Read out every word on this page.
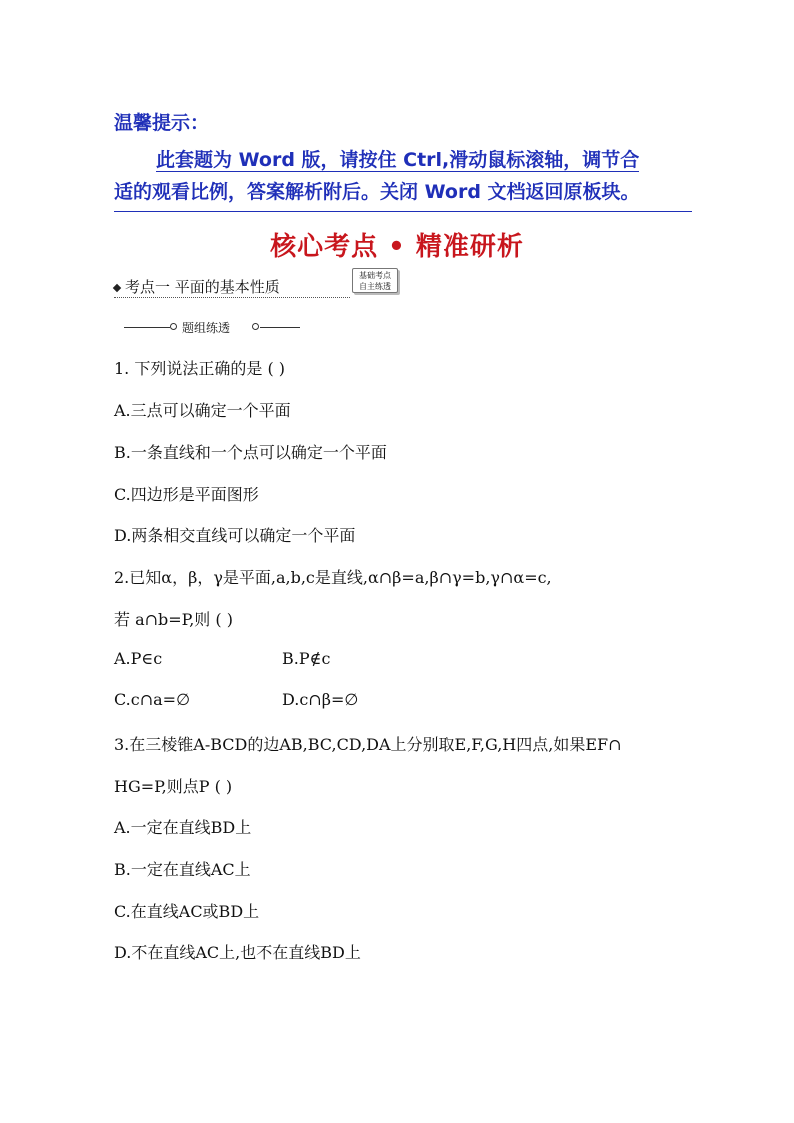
温馨提示：
此套题为 Word 版，请按住 Ctrl,滑动鼠标滚轴，调节合

适的观看比例，答案解析附后。关闭 Word 文档返回原板块。
核心考点 • 精准研析
考点一 平面的基本性质
基础考点
自主练透
题组练透
1. 下列说法正确的是 ( )
A.三点可以确定一个平面
B.一条直线和一个点可以确定一个平面
C.四边形是平面图形
D.两条相交直线可以确定一个平面
2.已知α，β，γ是平面,a,b,c是直线,α∩β=a,β∩γ=b,γ∩α=c,
若 a∩b=P,则 ( )
A.P∈c	B.P∉c
C.c∩a=∅	D.c∩β=∅
3.在三棱锥A-BCD的边AB,BC,CD,DA上分别取E,F,G,H四点,如果EF∩
HG=P,则点P ( )
A.一定在直线BD上
B.一定在直线AC上
C.在直线AC或BD上
D.不在直线AC上,也不在直线BD上
